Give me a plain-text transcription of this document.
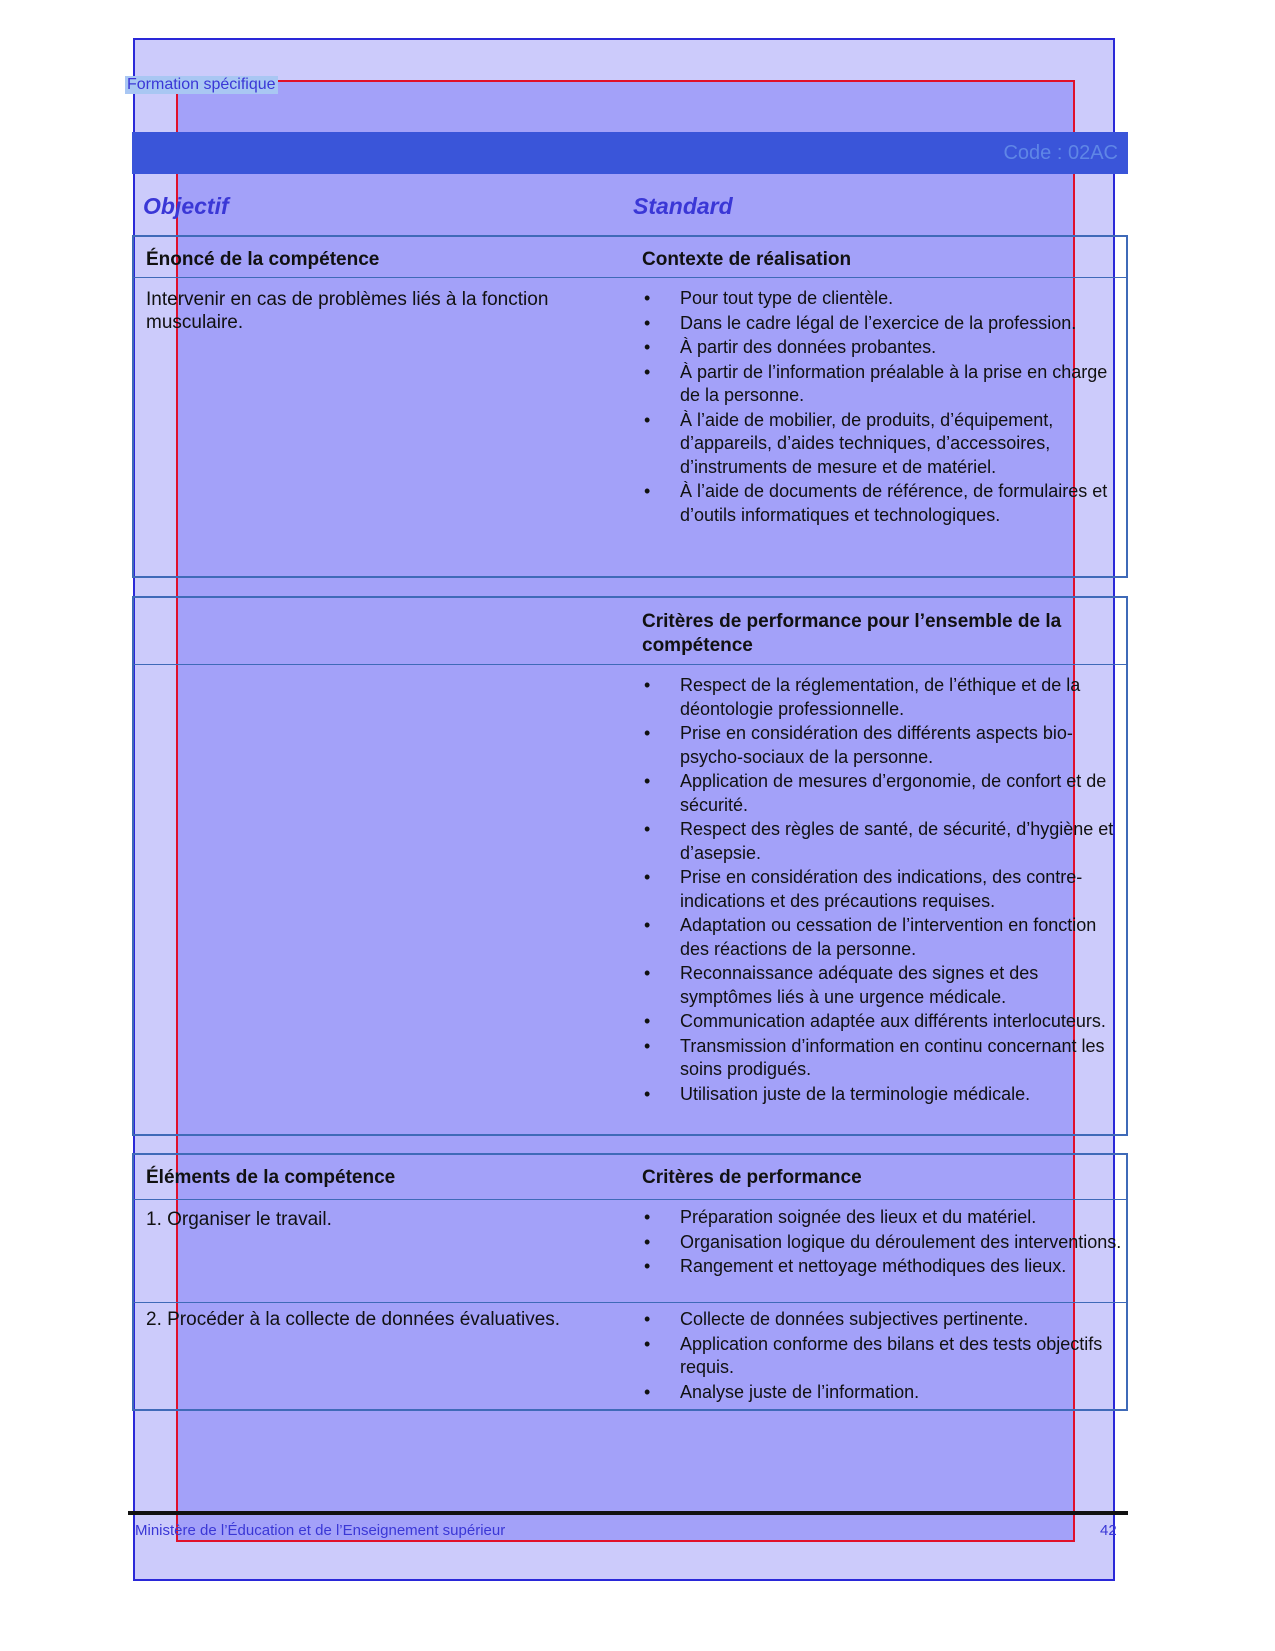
Formation spécifique
Code : 02AC
Objectif	Standard
Énoncé de la compétence	Contexte de réalisation
Intervenir en cas de problèmes liés à la fonction musculaire.
• Pour tout type de clientèle.
• Dans le cadre légal de l’exercice de la profession.
• À partir des données probantes.
• À partir de l’information préalable à la prise en charge de la personne.
• À l’aide de mobilier, de produits, d’équipement, d’appareils, d’aides techniques, d’accessoires, d’instruments de mesure et de matériel.
• À l’aide de documents de référence, de formulaires et d’outils informatiques et technologiques.
Critères de performance pour l’ensemble de la compétence
• Respect de la réglementation, de l’éthique et de la déontologie professionnelle.
• Prise en considération des différents aspects bio-psycho-sociaux de la personne.
• Application de mesures d’ergonomie, de confort et de sécurité.
• Respect des règles de santé, de sécurité, d’hygiène et d’asepsie.
• Prise en considération des indications, des contre-indications et des précautions requises.
• Adaptation ou cessation de l’intervention en fonction des réactions de la personne.
• Reconnaissance adéquate des signes et des symptômes liés à une urgence médicale.
• Communication adaptée aux différents interlocuteurs.
• Transmission d’information en continu concernant les soins prodigués.
• Utilisation juste de la terminologie médicale.
Éléments de la compétence	Critères de performance
1. Organiser le travail.	• Préparation soignée des lieux et du matériel.
• Organisation logique du déroulement des interventions.
• Rangement et nettoyage méthodiques des lieux.
2. Procéder à la collecte de données évaluatives.	• Collecte de données subjectives pertinente.
• Application conforme des bilans et des tests objectifs requis.
• Analyse juste de l’information.
Ministère de l’Éducation et de l’Enseignement supérieur	42
